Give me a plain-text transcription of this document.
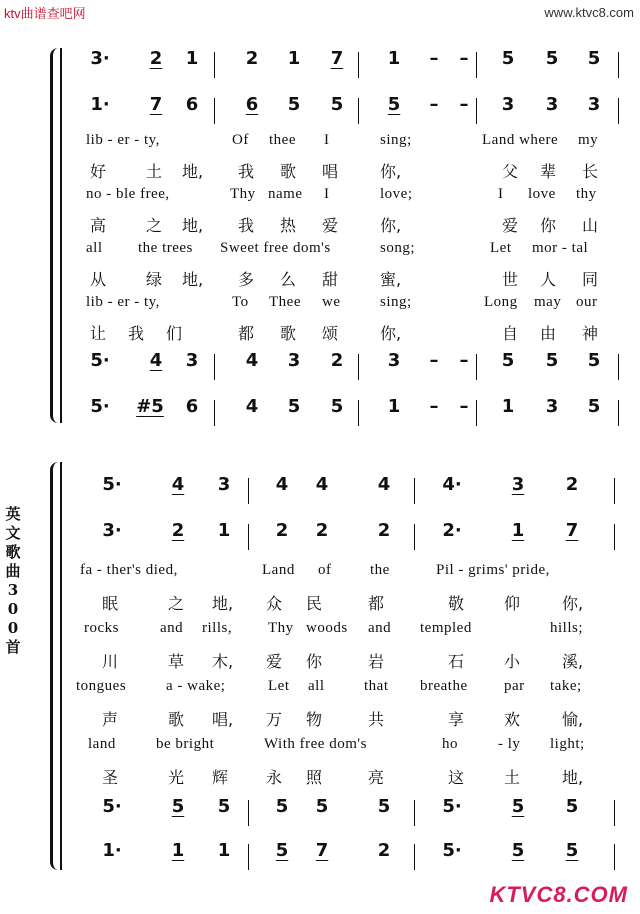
ktv曲谱查吧网	www.ktvc8.com
KTVC8.COM
英
文
歌
曲
3
0
0
首
3·	2	1	2	1	7	1	–	–	5	5	5
1·	7	6	6	5	5	5	–	–	3	3	3
lib - er - ty,	Of thee I	sing;	Land where my
好 土 地, 我 歌 唱	你,	父 辈 长
no - ble free,	Thy name I	love;	I love thy
高 之 地, 我 热 爱	你,	爱 你 山
all the trees Sweet free dom's	song;	Let mor - tal
从 绿 地, 多 么 甜	蜜,	世 人 同
lib - er - ty,	To Thee we	sing;	Long may our
让 我 们	都 歌 颂	你,	自 由 神
5·	4	3	4	3	2	3	–	–	5	5	5
5· #5	6	4	5	5	1	–	–	1	3	5
5·	4	3	4	4	4	4·	3	2
3·	2	1	2	2	2	2·	1	7
fa - ther's died,	Land of	the	Pil - grims' pride,
眠	之 地, 众 民	都	敬 仰	你,
rocks	and rills, Thy woods and templed	hills;
川	草 木, 爱 你	岩	石 小	溪,
tongues	a - wake;	Let all	that breathe par take;
声	歌 唱, 万 物	共	享 欢	愉,
land	be bright	With free dom's	ho	- ly light;
圣	光 辉 永 照	亮	这 土	地,
5·	5	5	5	5	5	5·	5	5
1·	1	1	5	7	2	5·	5	5
